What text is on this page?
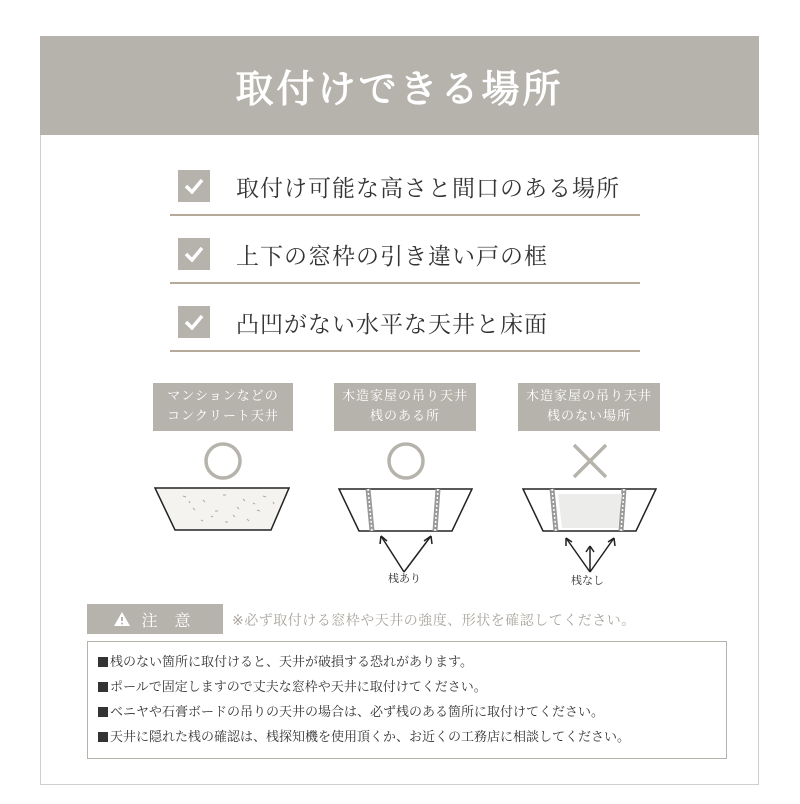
取付けできる場所
取付け可能な高さと間口のある場所
上下の窓枠の引き違い戸の框
凸凹がない水平な天井と床面
マンションなどの
コンクリート天井
木造家屋の吊り天井
桟のある所
木造家屋の吊り天井
桟のない場所
桟あり	桟なし
注 意	※必ず取付ける窓枠や天井の強度、形状を確認してください。
桟のない箇所に取付けると、天井が破損する恐れがあります。
ポールで固定しますので丈夫な窓枠や天井に取付けてください。
ベニヤや石膏ボードの吊りの天井の場合は、必ず桟のある箇所に取付けてください。
天井に隠れた桟の確認は、桟探知機を使用頂くか、お近くの工務店に相談してください。
